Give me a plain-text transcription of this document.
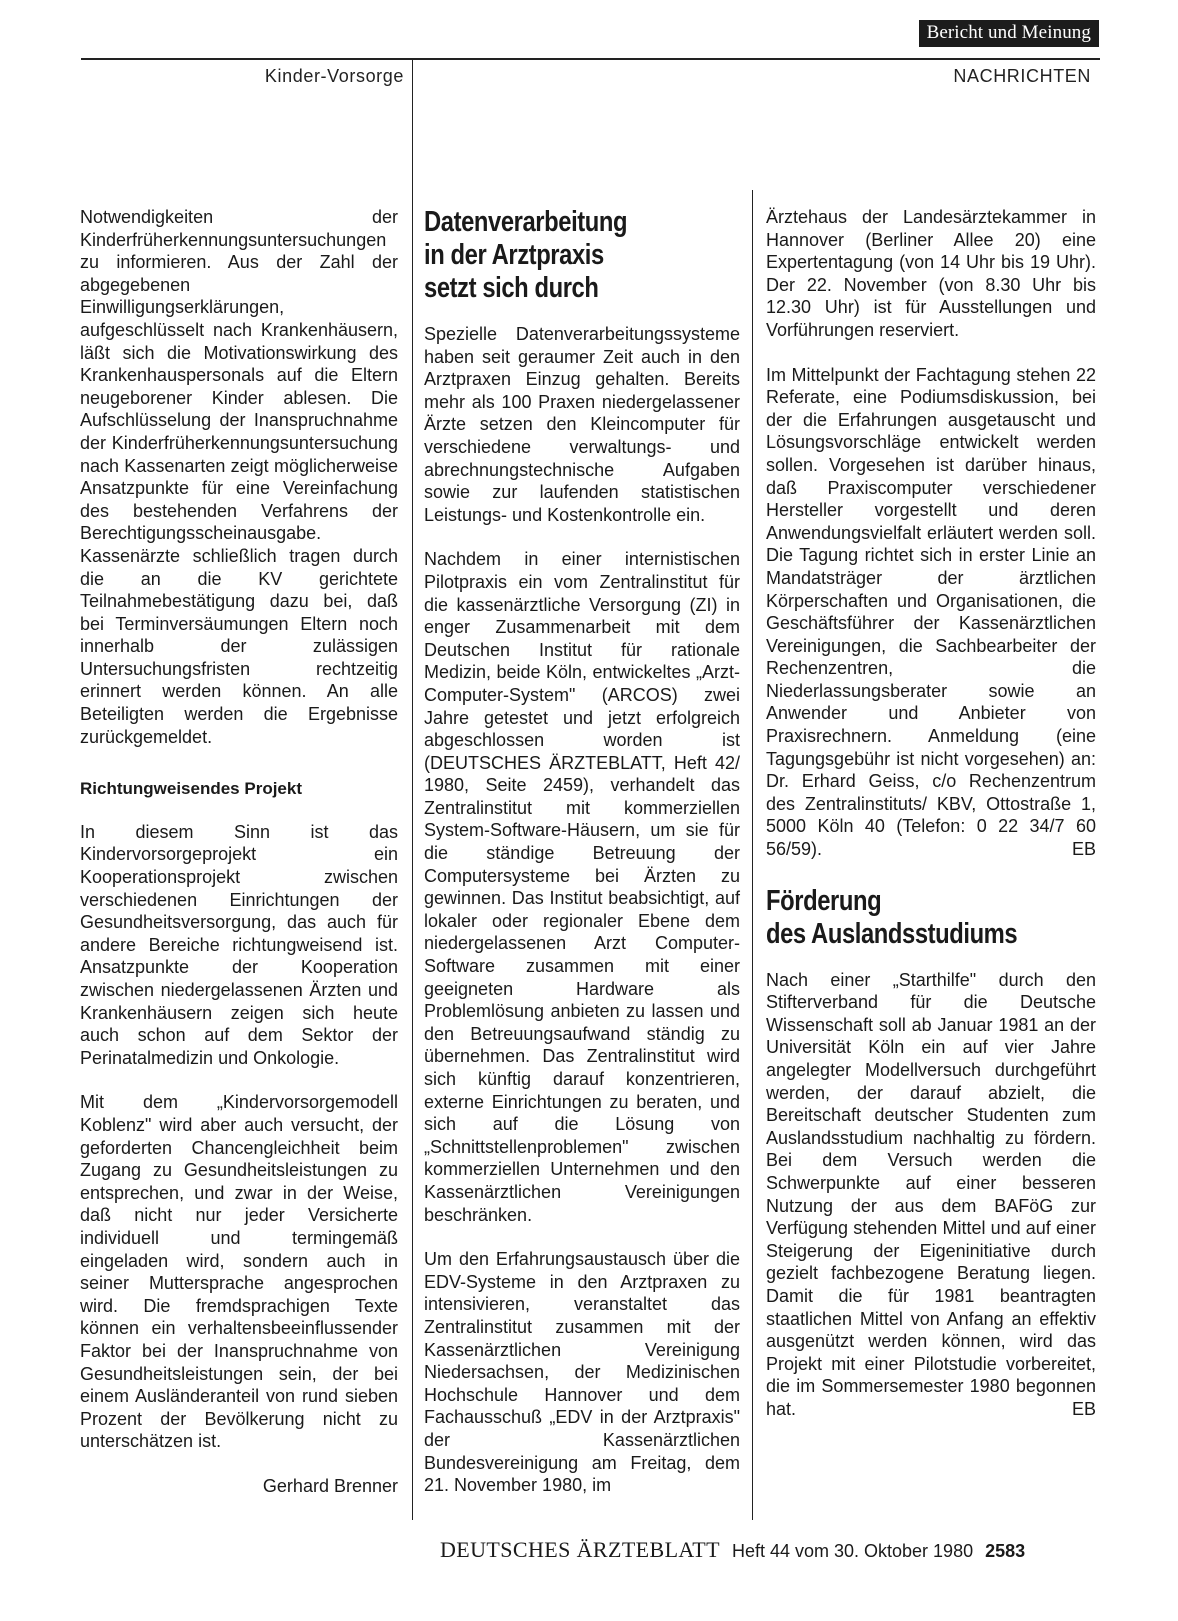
Bericht und Meinung
Kinder-Vorsorge	NACHRICHTEN

Notwendigkeiten der Kinderfrüherkennungsuntersuchungen zu informieren. Aus der Zahl der abgegebenen Einwilligungserklärungen, aufgeschlüsselt nach Krankenhäusern, läßt sich die Motivationswirkung des Krankenhauspersonals auf die Eltern neugeborener Kinder ablesen. Die Aufschlüsselung der Inanspruchnahme der Kinderfrüherkennungsuntersuchung nach Kassenarten zeigt möglicherweise Ansatzpunkte für eine Vereinfachung des bestehenden Verfahrens der Berechtigungsscheinausgabe. Kassenärzte schließlich tragen durch die an die KV gerichtete Teilnahmebestätigung dazu bei, daß bei Terminversäumungen Eltern noch innerhalb der zulässigen Untersuchungsfristen rechtzeitig erinnert werden können. An alle Beteiligten werden die Ergebnisse zurückgemeldet.

Richtungweisendes Projekt

In diesem Sinn ist das Kindervorsorgeprojekt ein Kooperationsprojekt zwischen verschiedenen Einrichtungen der Gesundheitsversorgung, das auch für andere Bereiche richtungweisend ist. Ansatzpunkte der Kooperation zwischen niedergelassenen Ärzten und Krankenhäusern zeigen sich heute auch schon auf dem Sektor der Perinatalmedizin und Onkologie.

Mit dem „Kindervorsorgemodell Koblenz" wird aber auch versucht, der geforderten Chancengleichheit beim Zugang zu Gesundheitsleistungen zu entsprechen, und zwar in der Weise, daß nicht nur jeder Versicherte individuell und termingemäß eingeladen wird, sondern auch in seiner Muttersprache angesprochen wird. Die fremdsprachigen Texte können ein verhaltensbeeinflussender Faktor bei der Inanspruchnahme von Gesundheitsleistungen sein, der bei einem Ausländeranteil von rund sieben Prozent der Bevölkerung nicht zu unterschätzen ist.

Gerhard Brenner

Datenverarbeitung
in der Arztpraxis
setzt sich durch

Spezielle Datenverarbeitungssysteme haben seit geraumer Zeit auch in den Arztpraxen Einzug gehalten. Bereits mehr als 100 Praxen niedergelassener Ärzte setzen den Kleincomputer für verschiedene verwaltungs- und abrechnungstechnische Aufgaben sowie zur laufenden statistischen Leistungs- und Kostenkontrolle ein.

Nachdem in einer internistischen Pilotpraxis ein vom Zentralinstitut für die kassenärztliche Versorgung (ZI) in enger Zusammenarbeit mit dem Deutschen Institut für rationale Medizin, beide Köln, entwickeltes „Arzt-Computer-System" (ARCOS) zwei Jahre getestet und jetzt erfolgreich abgeschlossen worden ist (DEUTSCHES ÄRZTEBLATT, Heft 42/ 1980, Seite 2459), verhandelt das Zentralinstitut mit kommerziellen System-Software-Häusern, um sie für die ständige Betreuung der Computersysteme bei Ärzten zu gewinnen. Das Institut beabsichtigt, auf lokaler oder regionaler Ebene dem niedergelassenen Arzt Computer-Software zusammen mit einer geeigneten Hardware als Problemlösung anbieten zu lassen und den Betreuungsaufwand ständig zu übernehmen. Das Zentralinstitut wird sich künftig darauf konzentrieren, externe Einrichtungen zu beraten, und sich auf die Lösung von „Schnittstellenproblemen" zwischen kommerziellen Unternehmen und den Kassenärztlichen Vereinigungen beschränken.

Um den Erfahrungsaustausch über die EDV-Systeme in den Arztpraxen zu intensivieren, veranstaltet das Zentralinstitut zusammen mit der Kassenärztlichen Vereinigung Niedersachsen, der Medizinischen Hochschule Hannover und dem Fachausschuß „EDV in der Arztpraxis" der Kassenärztlichen Bundesvereinigung am Freitag, dem 21. November 1980, im

Ärztehaus der Landesärztekammer in Hannover (Berliner Allee 20) eine Expertentagung (von 14 Uhr bis 19 Uhr). Der 22. November (von 8.30 Uhr bis 12.30 Uhr) ist für Ausstellungen und Vorführungen reserviert.

Im Mittelpunkt der Fachtagung stehen 22 Referate, eine Podiumsdiskussion, bei der die Erfahrungen ausgetauscht und Lösungsvorschläge entwickelt werden sollen. Vorgesehen ist darüber hinaus, daß Praxiscomputer verschiedener Hersteller vorgestellt und deren Anwendungsvielfalt erläutert werden soll. Die Tagung richtet sich in erster Linie an Mandatsträger der ärztlichen Körperschaften und Organisationen, die Geschäftsführer der Kassenärztlichen Vereinigungen, die Sachbearbeiter der Rechenzentren, die Niederlassungsberater sowie an Anwender und Anbieter von Praxisrechnern. Anmeldung (eine Tagungsgebühr ist nicht vorgesehen) an: Dr. Erhard Geiss, c/o Rechenzentrum des Zentralinstituts/ KBV, Ottostraße 1, 5000 Köln 40 (Telefon: 0 22 34/7 60 56/59).	EB

Förderung
des Auslandsstudiums

Nach einer „Starthilfe" durch den Stifterverband für die Deutsche Wissenschaft soll ab Januar 1981 an der Universität Köln ein auf vier Jahre angelegter Modellversuch durchgeführt werden, der darauf abzielt, die Bereitschaft deutscher Studenten zum Auslandsstudium nachhaltig zu fördern. Bei dem Versuch werden die Schwerpunkte auf einer besseren Nutzung der aus dem BAFöG zur Verfügung stehenden Mittel und auf einer Steigerung der Eigeninitiative durch gezielt fachbezogene Beratung liegen. Damit die für 1981 beantragten staatlichen Mittel von Anfang an effektiv ausgenützt werden können, wird das Projekt mit einer Pilotstudie vorbereitet, die im Sommersemester 1980 begonnen hat.	EB

DEUTSCHES ÄRZTEBLATT Heft 44 vom 30. Oktober 1980 2583
